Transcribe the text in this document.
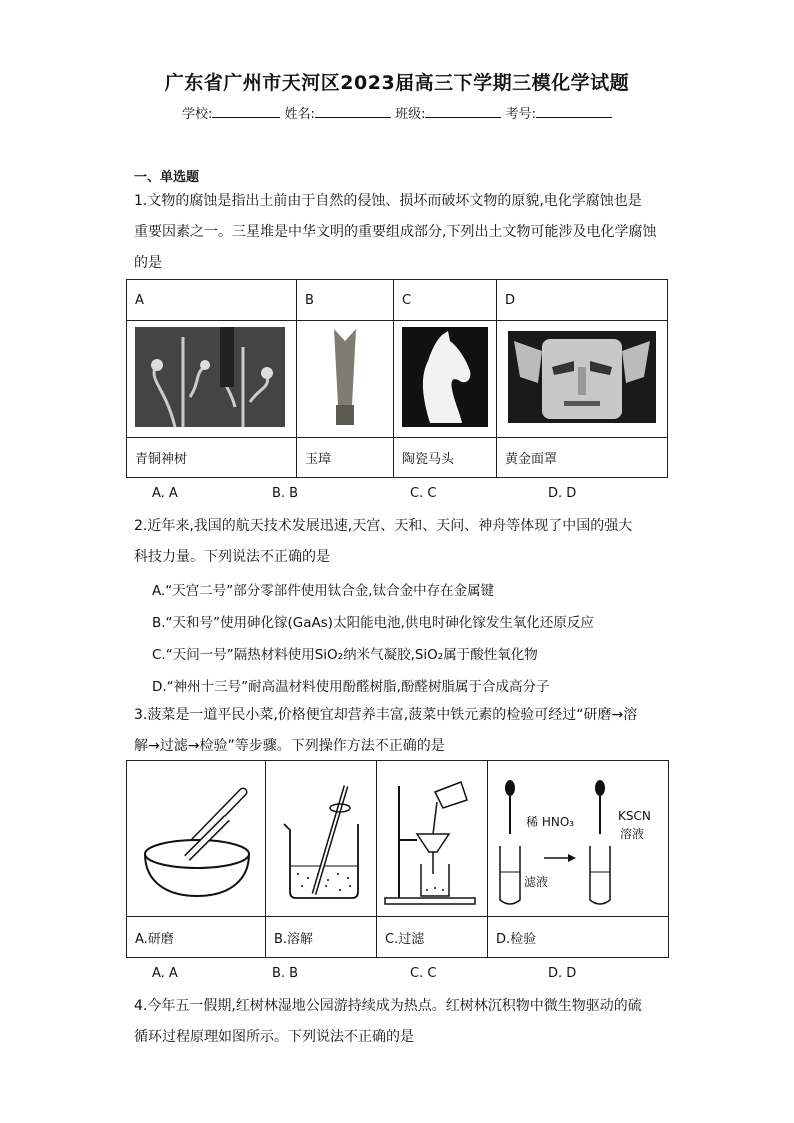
广东省广州市天河区2023届高三下学期三模化学试题
学校:	姓名:	班级:	考号:
一、单选题
1.文物的腐蚀是指出土前由于自然的侵蚀、损坏而破坏文物的原貌,电化学腐蚀也是
重要因素之一。三星堆是中华文明的重要组成部分,下列出土文物可能涉及电化学腐蚀
的是
A	B	C	D

青铜神树	玉璋	陶瓷马头	黄金面罩
A. A	B. B	C. C	D. D
2.近年来,我国的航天技术发展迅速,天宫、天和、天问、神舟等体现了中国的强大
科技力量。下列说法不正确的是
A.“天宫二号”部分零部件使用钛合金,钛合金中存在金属键
B.“天和号”使用砷化镓(GaAs)太阳能电池,供电时砷化镓发生氧化还原反应
C.“天问一号”隔热材料使用SiO₂纳米气凝胶,SiO₂属于酸性氧化物
D.“神州十三号”耐高温材料使用酚醛树脂,酚醛树脂属于合成高分子
3.菠菜是一道平民小菜,价格便宜却营养丰富,菠菜中铁元素的检验可经过“研磨→溶
解→过滤→检验”等步骤。下列操作方法不正确的是

稀 HNO₃ KSCN
溶液
滤液

A.研磨	B.溶解	C.过滤	D.检验
A. A	B. B	C. C	D. D
4.今年五一假期,红树林湿地公园游持续成为热点。红树林沉积物中微生物驱动的硫
循环过程原理如图所示。下列说法不正确的是
